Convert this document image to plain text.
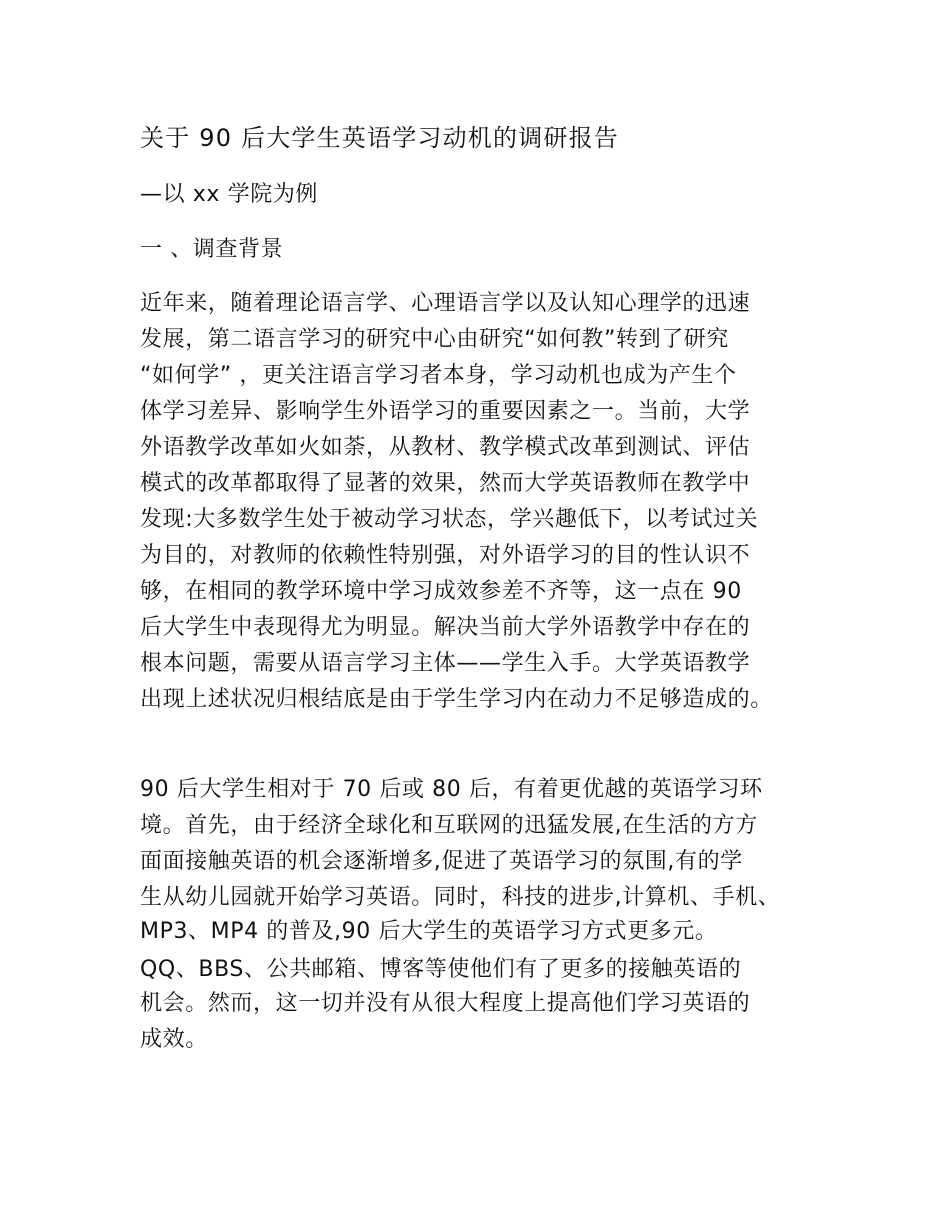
关于 90 后大学生英语学习动机的调研报告

—以 xx 学院为例

一 、调查背景

近年来，随着理论语言学、心理语言学以及认知心理学的迅速

发展，第二语言学习的研究中心由研究“如何教”转到了研究

“如何学” ，更关注语言学习者本身，学习动机也成为产生个

体学习差异、影响学生外语学习的重要因素之一。当前，大学

外语教学改革如火如荼，从教材、教学模式改革到测试、评估

模式的改革都取得了显著的效果，然而大学英语教师在教学中

发现:大多数学生处于被动学习状态，学兴趣低下，以考试过关

为目的，对教师的依赖性特别强，对外语学习的目的性认识不

够，在相同的教学环境中学习成效参差不齐等，这一点在 90

后大学生中表现得尤为明显。解决当前大学外语教学中存在的

根本问题，需要从语言学习主体——学生入手。大学英语教学

出现上述状况归根结底是由于学生学习内在动力不足够造成的。

90 后大学生相对于 70 后或 80 后，有着更优越的英语学习环

境。首先，由于经济全球化和互联网的迅猛发展,在生活的方方

面面接触英语的机会逐渐增多,促进了英语学习的氛围,有的学

生从幼儿园就开始学习英语。同时，科技的进步,计算机、手机、

MP3、MP4 的普及,90 后大学生的英语学习方式更多元。

QQ、BBS、公共邮箱、博客等使他们有了更多的接触英语的

机会。然而，这一切并没有从很大程度上提高他们学习英语的

成效。
